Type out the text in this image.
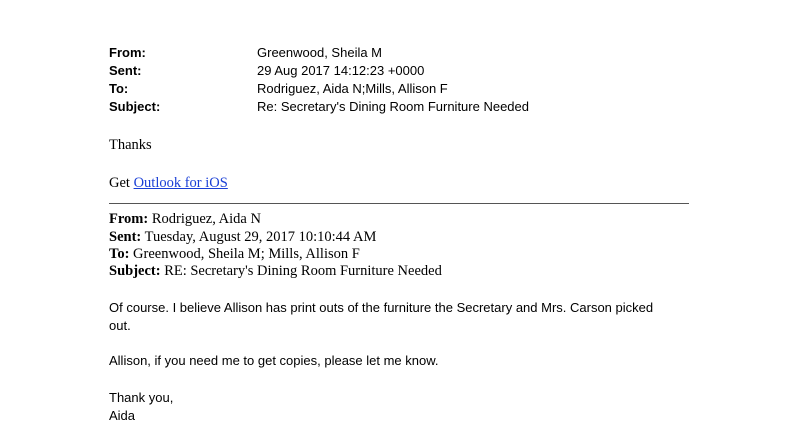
From:	Greenwood, Sheila M
Sent:	29 Aug 2017 14:12:23 +0000
To:	Rodriguez, Aida N;Mills, Allison F
Subject:	Re: Secretary's Dining Room Furniture Needed
Thanks
Get Outlook for iOS
From: Rodriguez, Aida N
Sent: Tuesday, August 29, 2017 10:10:44 AM
To: Greenwood, Sheila M; Mills, Allison F
Subject: RE: Secretary's Dining Room Furniture Needed
Of course. I believe Allison has print outs of the furniture the Secretary and Mrs. Carson picked
out.
Allison, if you need me to get copies, please let me know.
Thank you,
Aida
